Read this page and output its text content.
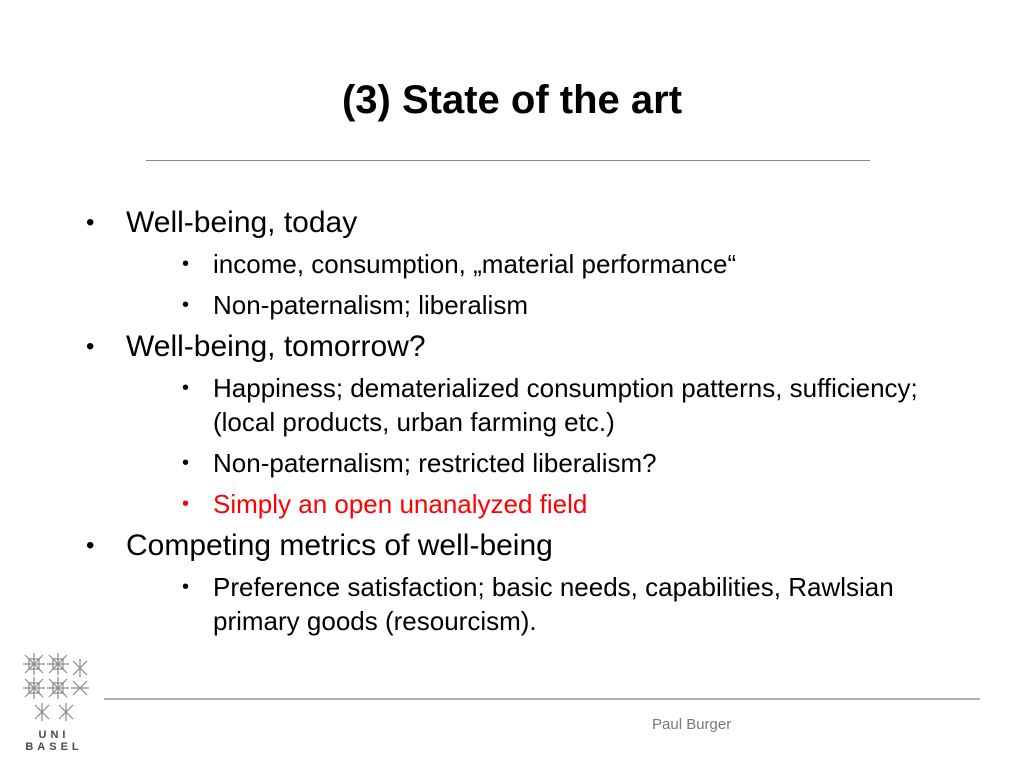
(3) State of the art
• Well-being, today
• income, consumption, „material performance“
• Non-paternalism; liberalism
• Well-being, tomorrow?
• Happiness; dematerialized consumption patterns, sufficiency; (local products, urban farming etc.)
• Non-paternalism; restricted liberalism?
• Simply an open unanalyzed field
• Competing metrics of well-being
• Preference satisfaction; basic needs, capabilities, Rawlsian primary goods (resourcism).
UNI
BASEL
Paul Burger
